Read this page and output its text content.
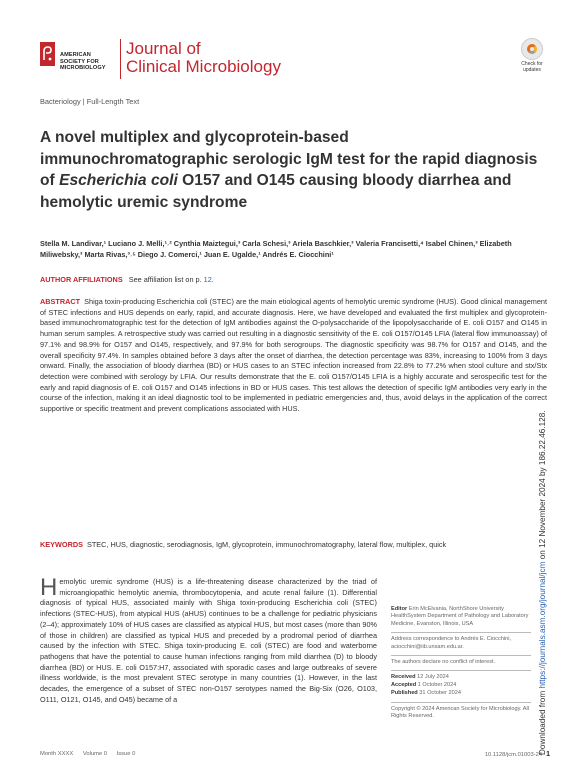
AMERICAN
SOCIETY FOR
MICROBIOLOGY
Journal of
Clinical Microbiology	Check for
updates
Bacteriology | Full-Length Text
A novel multiplex and glycoprotein-based immunochromatographic serologic IgM test for the rapid diagnosis of Escherichia coli O157 and O145 causing bloody diarrhea and hemolytic uremic syndrome
Stella M. Landivar,¹ Luciano J. Melli,¹˒² Cynthia Maiztegui,³ Carla Schesi,³ Ariela Baschkier,³ Valeria Francisetti,⁴ Isabel Chinen,³ Elizabeth Miliwebsky,³ Marta Rivas,³˒⁵ Diego J. Comerci,¹ Juan E. Ugalde,¹ Andrés E. Ciocchini¹
AUTHOR AFFILIATIONS See affiliation list on p. 12.
ABSTRACT Shiga toxin-producing Escherichia coli (STEC) are the main etiological agents of hemolytic uremic syndrome (HUS). Good clinical management of STEC infections and HUS depends on early, rapid, and accurate diagnosis. Here, we have developed and evaluated the first multiplex and glycoprotein-based immunochromatographic test for the detection of IgM antibodies against the O-polysaccharide of the lipopolysaccharide of E. coli O157 and O145 in human serum samples. A retrospective study was carried out resulting in a diagnostic sensitivity of the E. coli O157/O145 LFIA (lateral flow immunoassay) of 97.1% and 98.9% for O157 and O145, respectively, and 97.9% for both serogroups. The diagnostic specificity was 98.7% for O157 and O145, and the overall specificity 97.4%. In samples obtained before 3 days after the onset of diarrhea, the detection percentage was 83%, increasing to 100% from 3 days onward. Finally, the association of bloody diarrhea (BD) or HUS cases to an STEC infection increased from 22.8% to 77.2% when stool culture and stx/Stx detection were combined with serology by LFIA. Our results demonstrate that the E. coli O157/O145 LFIA is a highly accurate and serospecific test for the early and rapid diagnosis of E. coli O157 and O145 infections in BD or HUS cases. This test allows the detection of specific IgM antibodies very early in the course of the infection, making it an ideal diagnostic tool to be implemented in pediatric emergencies and, thus, avoid delays in the application of the correct supportive or specific treatment and prevent complications associated with HUS.
KEYWORDS STEC, HUS, diagnostic, serodiagnosis, IgM, glycoprotein, immunochromatography, lateral flow, multiplex, quick
Hemolytic uremic syndrome (HUS) is a life-threatening disease characterized by the triad of microangiopathic hemolytic anemia, thrombocytopenia, and acute renal failure (1). Differential diagnosis of typical HUS, associated mainly with Shiga toxin-producing Escherichia coli (STEC) infections (STEC-HUS), from atypical HUS (aHUS) continues to be a challenge for pediatric physicians (2–4); approximately 10% of HUS cases are classified as atypical HUS, but most cases (more than 90% of those in children) are classified as typical HUS and preceded by a prodromal period of diarrhea caused by the infection with STEC. Shiga toxin-producing E. coli (STEC) are food and waterborne pathogens that have the potential to cause human infections ranging from mild diarrhea (D) to bloody diarrhea (BD) or HUS. E. coli O157:H7, associated with sporadic cases and large outbreaks of severe illness worldwide, is the most prevalent STEC serotype in many countries (1). However, in the last decades, the emergence of a subset of STEC non-O157 serotypes named the Big-Six (O26, O103, O111, O121, O145, and O45) became of a
Editor Erin McElvania, NorthShore University HealthSystem Department of Pathology and Laboratory Medicine, Evanston, Illinois, USA
Address correspondence to Andrés E. Ciocchini, aciocchini@iib.unsam.edu.ar.
The authors declare no conflict of interest.
Received 12 July 2024
Accepted 1 October 2024
Published 31 October 2024
Copyright © 2024 American Society for Microbiology. All Rights Reserved.	Downloaded from https://journals.asm.org/journal/jcm on 12 November 2024 by 186.22.46.128.
Month XXXX Volume 0 Issue 0	10.1128/jcm.01003-24 1
